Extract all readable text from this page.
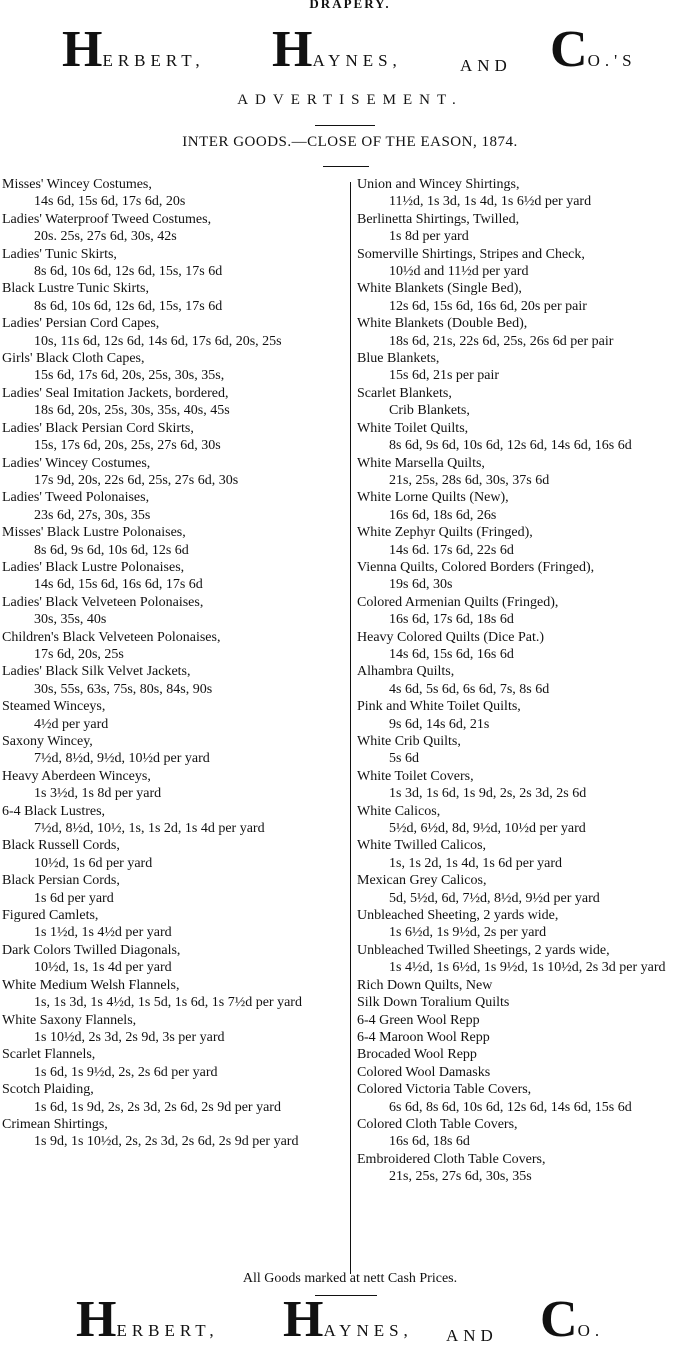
DRAPERY.
HERBERT, HAYNES,	AND CO.'S
ADVERTISEMENT.
INTER GOODS.—CLOSE OF THE EASON, 1874.
Misses' Wincey Costumes,
14s 6d, 15s 6d, 17s 6d, 20s
Ladies' Waterproof Tweed Costumes,
20s. 25s, 27s 6d, 30s, 42s
Ladies' Tunic Skirts,
8s 6d, 10s 6d, 12s 6d, 15s, 17s 6d
Black Lustre Tunic Skirts,
8s 6d, 10s 6d, 12s 6d, 15s, 17s 6d
Ladies' Persian Cord Capes,
10s, 11s 6d, 12s 6d, 14s 6d, 17s 6d, 20s, 25s
Girls' Black Cloth Capes,
15s 6d, 17s 6d, 20s, 25s, 30s, 35s,
Ladies' Seal Imitation Jackets, bordered,
18s 6d, 20s, 25s, 30s, 35s, 40s, 45s
Ladies' Black Persian Cord Skirts,
15s, 17s 6d, 20s, 25s, 27s 6d, 30s
Ladies' Wincey Costumes,
17s 9d, 20s, 22s 6d, 25s, 27s 6d, 30s
Ladies' Tweed Polonaises,
23s 6d, 27s, 30s, 35s
Misses' Black Lustre Polonaises,
8s 6d, 9s 6d, 10s 6d, 12s 6d
Ladies' Black Lustre Polonaises,
14s 6d, 15s 6d, 16s 6d, 17s 6d
Ladies' Black Velveteen Polonaises,
30s, 35s, 40s
Children's Black Velveteen Polonaises,
17s 6d, 20s, 25s
Ladies' Black Silk Velvet Jackets,
30s, 55s, 63s, 75s, 80s, 84s, 90s
Steamed Winceys,
4½d per yard
Saxony Wincey,
7½d, 8½d, 9½d, 10½d per yard
Heavy Aberdeen Winceys,
1s 3½d, 1s 8d per yard
6-4 Black Lustres,
7½d, 8½d, 10½, 1s, 1s 2d, 1s 4d per yard
Black Russell Cords,
10½d, 1s 6d per yard
Black Persian Cords,
1s 6d per yard
Figured Camlets,
1s 1½d, 1s 4½d per yard
Dark Colors Twilled Diagonals,
10½d, 1s, 1s 4d per yard
White Medium Welsh Flannels,
1s, 1s 3d, 1s 4½d, 1s 5d, 1s 6d, 1s 7½d per yard
White Saxony Flannels,
1s 10½d, 2s 3d, 2s 9d, 3s per yard
Scarlet Flannels,
1s 6d, 1s 9½d, 2s, 2s 6d per yard
Scotch Plaiding,
1s 6d, 1s 9d, 2s, 2s 3d, 2s 6d, 2s 9d per yard
Crimean Shirtings,
1s 9d, 1s 10½d, 2s, 2s 3d, 2s 6d, 2s 9d per yard
Union and Wincey Shirtings,
11½d, 1s 3d, 1s 4d, 1s 6½d per yard
Berlinetta Shirtings, Twilled,
1s 8d per yard
Somerville Shirtings, Stripes and Check,
10½d and 11½d per yard
White Blankets (Single Bed),
12s 6d, 15s 6d, 16s 6d, 20s per pair
White Blankets (Double Bed),
18s 6d, 21s, 22s 6d, 25s, 26s 6d per pair
Blue Blankets,
15s 6d, 21s per pair
Scarlet Blankets,
Crib Blankets,
White Toilet Quilts,
8s 6d, 9s 6d, 10s 6d, 12s 6d, 14s 6d, 16s 6d
White Marsella Quilts,
21s, 25s, 28s 6d, 30s, 37s 6d
White Lorne Quilts (New),
16s 6d, 18s 6d, 26s
White Zephyr Quilts (Fringed),
14s 6d. 17s 6d, 22s 6d
Vienna Quilts, Colored Borders (Fringed),
19s 6d, 30s
Colored Armenian Quilts (Fringed),
16s 6d, 17s 6d, 18s 6d
Heavy Colored Quilts (Dice Pat.)
14s 6d, 15s 6d, 16s 6d
Alhambra Quilts,
4s 6d, 5s 6d, 6s 6d, 7s, 8s 6d
Pink and White Toilet Quilts,
9s 6d, 14s 6d, 21s
White Crib Quilts,
5s 6d
White Toilet Covers,
1s 3d, 1s 6d, 1s 9d, 2s, 2s 3d, 2s 6d
White Calicos,
5½d, 6½d, 8d, 9½d, 10½d per yard
White Twilled Calicos,
1s, 1s 2d, 1s 4d, 1s 6d per yard
Mexican Grey Calicos,
5d, 5½d, 6d, 7½d, 8½d, 9½d per yard
Unbleached Sheeting, 2 yards wide,
1s 6½d, 1s 9½d, 2s per yard
Unbleached Twilled Sheetings, 2 yards wide,
1s 4½d, 1s 6½d, 1s 9½d, 1s 10½d, 2s 3d per yard
Rich Down Quilts, New
Silk Down Toralium Quilts
6-4 Green Wool Repp
6-4 Maroon Wool Repp
Brocaded Wool Repp
Colored Wool Damasks
Colored Victoria Table Covers,
6s 6d, 8s 6d, 10s 6d, 12s 6d, 14s 6d, 15s 6d
Colored Cloth Table Covers,
16s 6d, 18s 6d
Embroidered Cloth Table Covers,
21s, 25s, 27s 6d, 30s, 35s
All Goods marked at nett Cash Prices.
HERBERT, HAYNES, AND CO.
